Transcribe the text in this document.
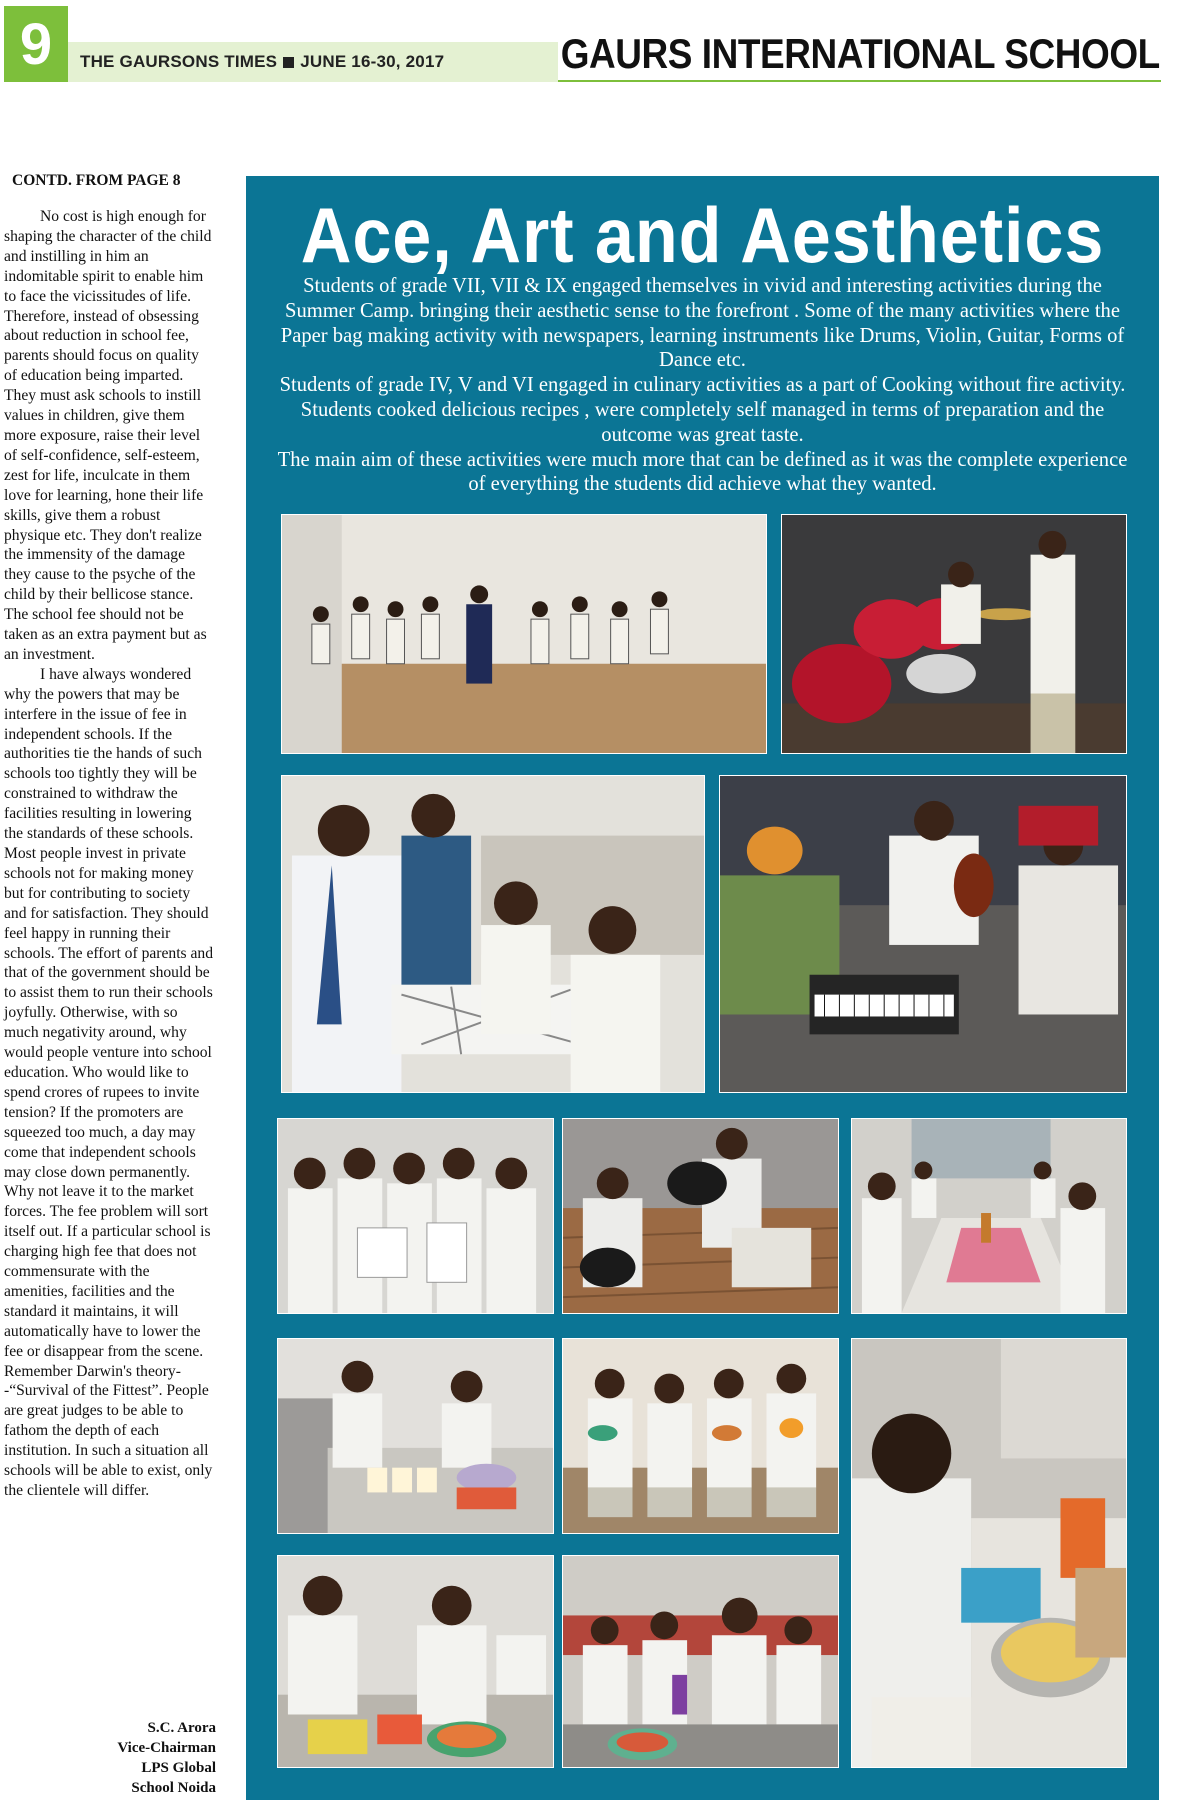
9	THE GAURSONS TIMES JUNE 16-30, 2017	GAURS INTERNATIONAL SCHOOL
CONTD. FROM PAGE 8

No cost is high enough for shaping the character of the child and instilling in him an indomitable spirit to enable him to face the vicissitudes of life. Therefore, instead of obsessing about reduction in school fee, parents should focus on quality of education being imparted. They must ask schools to instill values in children, give them more exposure, raise their level of self-confidence, self-esteem, zest for life, inculcate in them love for learning, hone their life skills, give them a robust physique etc. They don't realize the immensity of the damage they cause to the psyche of the child by their bellicose stance. The school fee should not be taken as an extra payment but as an investment.

I have always wondered why the powers that may be interfere in the issue of fee in independent schools. If the authorities tie the hands of such schools too tightly they will be constrained to withdraw the facilities resulting in lowering the standards of these schools. Most people invest in private schools not for making money but for contributing to society and for satisfaction. They should feel happy in running their schools. The effort of parents and that of the government should be to assist them to run their schools joyfully. Otherwise, with so much negativity around, why would people venture into school education. Who would like to spend crores of rupees to invite tension? If the promoters are squeezed too much, a day may come that independent schools may close down permanently. Why not leave it to the market forces. The fee problem will sort itself out. If a particular school is charging high fee that does not commensurate with the amenities, facilities and the standard it maintains, it will automatically have to lower the fee or disappear from the scene. Remember Darwin's theory--“Survival of the Fittest”. People are great judges to be able to fathom the depth of each institution. In such a situation all schools will be able to exist, only the clientele will differ.

S.C. Arora
Vice-Chairman
LPS Global
School Noida
Ace, Art and Aesthetics
Students of grade VII, VII & IX engaged themselves in vivid and interesting activities during the Summer Camp. bringing their aesthetic sense to the forefront . Some of the many activities where the Paper bag making activity with newspapers, learning instruments like Drums, Violin, Guitar, Forms of Dance etc.
Students of grade IV, V and VI engaged in culinary activities as a part of Cooking without fire activity. Students cooked delicious recipes , were completely self managed in terms of preparation and the outcome was great taste.
The main aim of these activities were much more that can be defined as it was the complete experience of everything the students did achieve what they wanted.
